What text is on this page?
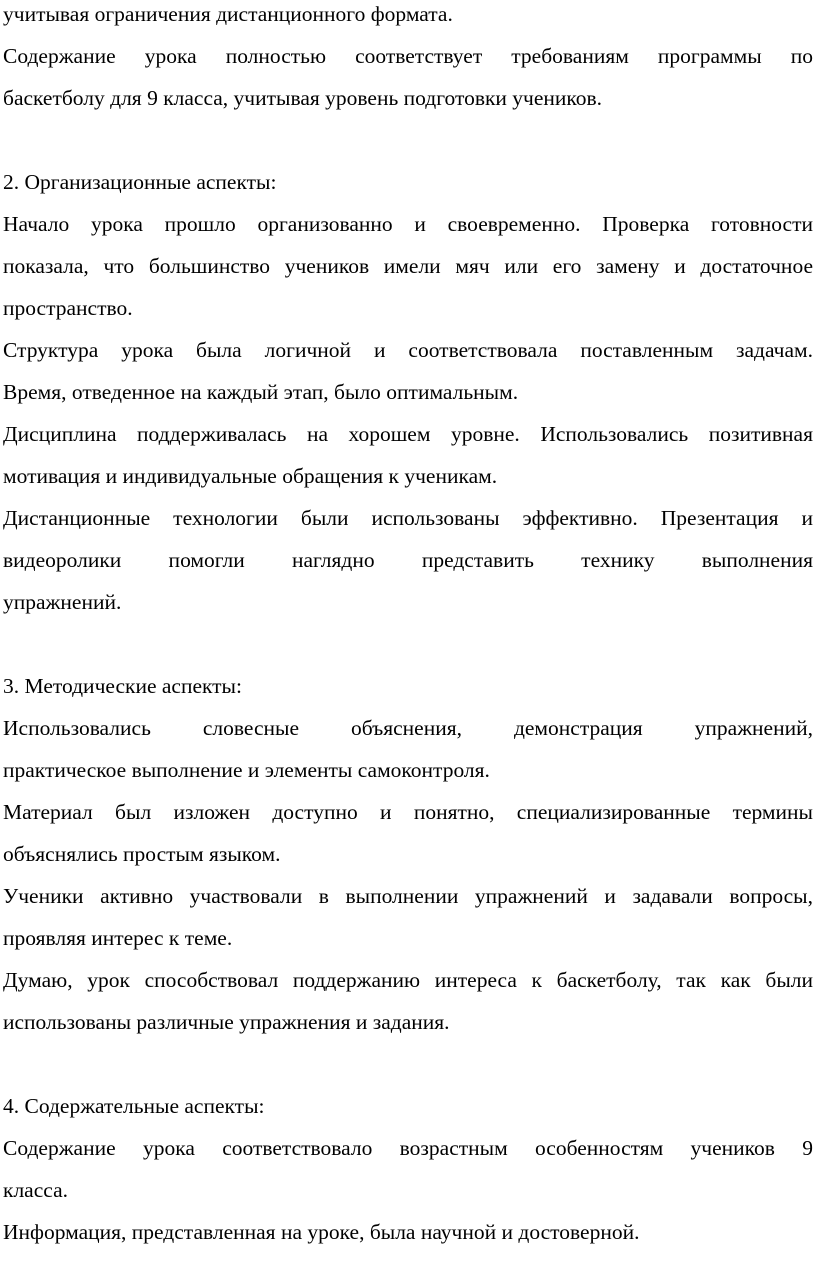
учитывая ограничения дистанционного формата.
Содержание урока полностью соответствует требованиям программы по
баскетболу для 9 класса, учитывая уровень подготовки учеников.
2. Организационные аспекты:
Начало урока прошло организованно и своевременно. Проверка готовности
показала, что большинство учеников имели мяч или его замену и достаточное
пространство.
Структура урока была логичной и соответствовала поставленным задачам.
Время, отведенное на каждый этап, было оптимальным.
Дисциплина поддерживалась на хорошем уровне. Использовались позитивная
мотивация и индивидуальные обращения к ученикам.
Дистанционные технологии были использованы эффективно. Презентация и
видеоролики помогли наглядно представить технику выполнения
упражнений.
3. Методические аспекты:
Использовались словесные объяснения, демонстрация упражнений,
практическое выполнение и элементы самоконтроля.
Материал был изложен доступно и понятно, специализированные термины
объяснялись простым языком.
Ученики активно участвовали в выполнении упражнений и задавали вопросы,
проявляя интерес к теме.
Думаю, урок способствовал поддержанию интереса к баскетболу, так как были
использованы различные упражнения и задания.
4. Содержательные аспекты:
Содержание урока соответствовало возрастным особенностям учеников 9
класса.
Информация, представленная на уроке, была научной и достоверной.
